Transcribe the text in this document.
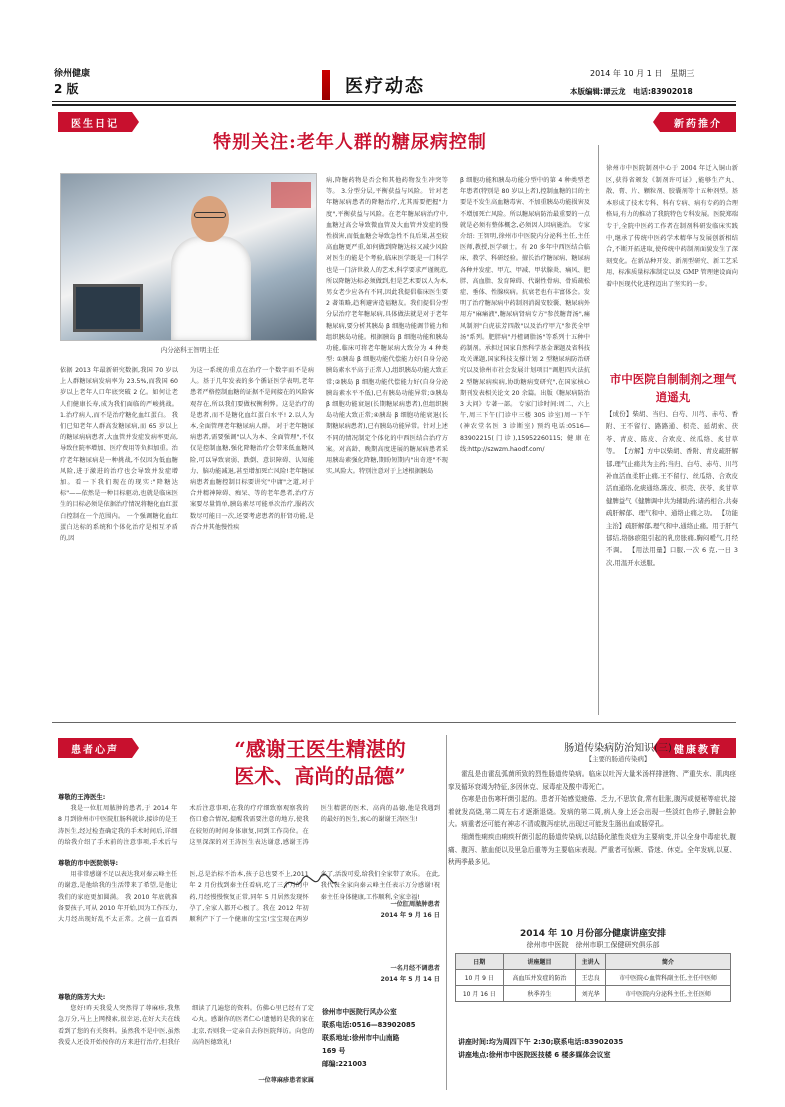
徐州健康
2 版	医疗动态
2014 年 10 月 1 日　星期三
本版编辑:谭云龙　电话:83902018
医生日记	新药推介
特别关注:老年人群的糖尿病控制
内分泌科王智明主任
依据 2013 年最新研究数据,我国 70 岁以上人群糖尿病发病率为 23.5%,而我国 60 岁以上老年人口年底突破 2 亿。如何让老人们健康长寿,成为我们面临的严峻挑战。 1.治疗病人,而不是治疗糖化血红蛋白。 我们已知老年人群高发糖尿病,而 65 岁以上的糖尿病病患者,大血管并发症发病率更高,导致住院率增加、医疗费用等负担加重。治疗老年糖尿病是一种挑战,不仅因为低血糖风险,进于激进的治疗也会导致并发症增加。看一下我们现在的现实:"降糖达标"——依然是一种目标驱动,也就是临床医生的目标必须是依据治疗情况将糖化血红蛋白控制在一个范围内。 一个强调糖化血红蛋白达标的系统和个体化治疗是相互矛盾的,因
为这一系统的重点在治疗一个数字而不是病人。基于几年发表的多个循证医学表明,老年患者严格控制血糖的证据不是间接在的风险客观存在,所以我们要做权衡利弊。这是治疗的是患者,而不是糖化血红蛋白水平! 2.以人为本,全面管理老年糖尿病人群。 对于老年糖尿病患者,需要强调"以人为本、全面管理",不仅仅是控制血糖,强化降糖治疗会带来低血糖风险,可以导致衰弱、跌倒、意识障碍、认知能力、脑功能减退,甚至增加死亡风险!老年糖尿病患者血糖控制目标要讲究"中庸"之道,对于合并精神障碍、痴呆、等的老年患者,治疗方案要尽量简单,胰岛素尽可能单次治疗,服药次数尽可能日一次,还要考虑患者的肝肾功能,是否合并其他慢性疾
病,降糖药物是否会和其他药物发生冲突等等。 3.分型分层,平衡获益与风险。 针对老年糖尿病患者的降糖治疗,尤其需要把握"力度",平衡获益与风险。在老年糖尿病治疗中,血糖过高会导致微血管及大血管并发症的慢性损害,而低血糖会导致急性不良后果,甚至较高血糖更严重,如何做到降糖达标又减少风险对医生的能是个考验,临床医学既是一门科学也是一门济世救人的艺术,科学要求严谨规范,所以降糖达标必须做到,但是艺术要以人为本,男女老少应各有不同,因此我提倡临床医生要 2 著策略,趋利避害造福糖友。我们提倡分型分层治疗老年糖尿病,具体做法就是对于老年糖尿病,要分析其胰岛 β 细胞功能调节能力和组织胰岛功能。根据胰岛 β 细胞功能和胰岛功能,临床可将老年糖尿病大致分为 4 种类型: ①胰岛 β 细胞功能代偿能力好(自身分泌胰岛素水平高于正常人),组织胰岛功能大致正常;②胰岛 β 细胞功能代偿能力好(自身分泌胰岛素水平不低),已有胰岛功能异常;③胰岛 β 细胞功能衰退(长期糖尿病患者),但组织胰岛功能大致正常;④胰岛 β 细胞功能衰退(长期糖尿病患者),已有胰岛功能异常。针对上述不同的情况制定个体化的中西医结合治疗方案。对高龄、晚期高度进展的糖尿病患者采用胰岛素强化降糖,期盼短期内"出奇迹"不现实,风险大。特别注意对于上述根据胰岛
β 细胞功能和胰岛功能分型中的第 4 种类型老年患者(特别是 80 岁以上者),控制血糖的目的主要是不发生高血糖毒害、不加重胰岛功能损害及不增加死亡风险。所以糖尿病防治最重要的一点就是必须有整体概念,必须因人因病施治。 专家介绍: 王智明,徐州市中医院内分泌科主任,主任医师,教授,医学硕士。有 20 多年中西医结合临床、教学、科研经验。擅长治疗糖尿病、糖尿病各种并发症、甲亢、甲减、甲状腺炎、痛风、肥胖、高血脂、发育障碍、代谢性骨病、骨质疏松症、垂体、性腺疾病。抗衰老也有丰富体会。发明了治疗糖尿病中药制剂消渴安胶囊、糖尿病外用方"麻痛液",糖尿病肾病专方"参芪糖肾汤",痛风制剂"白虎祛芳四散"以及治疗甲亢"参芪全甲汤"系列。肥胖病"丹楂调脂汤"等系列十五种中药制剂。承担过国家自然科学基金课题及省科技攻关课题,国家科技支撑计划 2 型糖尿病防治研究以及徐州市社会发展计划项目"调胆四火法抗 2 型糖尿病疾病,协助糖病变研究",在国家核心期刊发表相关论文 20 余篇。出版《糖尿病防治 3 大问》专著一部。 专家门诊时间:周二、六上午,周三下午(门诊中三楼 305 诊室)周一下午(神农堂名医 3 诊断室) 预约电话:0516—83902215(门诊),15952260115; 健康在线:http://szwzm.haodf.com/
徐州市中医院制剂中心于 2004 年迁入铜山新区,获得省颁发《制剂许可证》,能够生产丸、散、膏、片、颗粒剂、胶囊剂等十五种剂型。基本形成了技术专科、科有专病、病有专药的合理格局,有力的推动了我院特色专科发展。医院郑瑞专于,全院中医药工作者在制剂科研发临床实践中,继承了传统中医药学术精华与发展创新相结合,不断开拓进取,使传统中药制剂面貌发生了深刻变化。在新品种开发、新剂型研究、新工艺采用、标准质量标准制定以及 GMP 管理建设面向着中医现代化进程迈出了坚实的一步。
市中医院自制制剂之理气逍遥丸
【成份】柴胡、当归、白芍、川芎、赤芍、香附、王不留行、路路通、枳壳、延胡索、茯苓、青皮、陈皮、合欢皮、丝瓜络、炙甘草等。 【方解】方中以柴胡、香附、青皮疏肝解郁,理气止痛共为主药;当归、白芍、赤芍、川芎补血活血柔肝止痛,王不留行、丝瓜络、合欢皮活血通络,化痰通络,陈皮、枳壳、茯苓、炙甘草健脾益气《健脾调中共为辅助药;诸药相合,共奏疏肝解郁、理气和中、通络止痛之功。 【功能主治】疏肝解郁,理气和中,通络止痛。用于肝气郁结,络脉瘀阻引起的乳房胀痛,胸闷嗳气,月经不调。 【用法用量】口服,一次 6 克,一日 3 次,用温开水送服。
患者心声	健康教育
“感谢王医生精湛的
医术、高尚的品德”
尊敬的王涛医生:
我是一位肛周脓肿的患者,于 2014 年 8 月到徐州市中医院肛肠科就诊,接诊的是王涛医生,经过检查确定我的手术时间后,详细的给我介绍了手术前的注意事项,手术后与术后注意事项,在我的疗疗细致察观察我的伤口愈合情况,提醒我需要注意的地方,使我在较短的时间身体康复,同到工作岗位。在这里深深的对王涛医生表达谢意,感谢王涛医生精湛的医术、高尚的品德,他是我遇到的最好的医生,衷心的谢谢王涛医生!
一位肛周脓肿患者
2014 年 9 月 16 日
尊敬的市中医院领导:
用非常感谢不足以表达我对秦云峰主任的谢意,是他给我的生活带来了希望,是他让我们的家庭更加圆满。 我 2010 年底就准备要孩子,可从 2010 年开始,因为工作压力,大月经出现好乱不太正常。之前一直看西医,总是治标不治本,孩子总也要不上,2011 年 2 月份找到秦主任看病,吃了三个月的中药,月经慢慢恢复正常,同年 5 月居然发现怀孕了,全家人都开心极了。我在 2012 年初顺利产下了一个健康的宝宝!宝宝现在两岁多了,活泼可爱,给我们全家带了欢乐。 在此,我代表全家向秦云峰主任表示万分感谢!祝秦主任身体健康,工作顺利,全家幸福!
一名月经不调患者
2014 年 5 月 14 日
尊敬的陈芳大夫:
您好!昨天我爱人突然得了荨麻疹,我焦急万分,马上上网搜索,很幸运,在好大夫在线看到了您的有关资料。虽然我不是中医,虽然我爱人还没开始按你的方来进行治疗,但我仔细读了几遍您的资料。仿佛心里已经有了定心丸。感谢你的医者仁心!遗憾的是我的家在北京,否则我一定亲自去你医院拜访。向您的高尚医德致礼!
一位荨麻疹患者家属
徐州市中医院行风办公室
联系电话:0516—83902085
联系地址:徐州市中山南路
169 号
邮编:221003
肠道传染病防治知识(三)
【主要的肠道传染病】

霍乱是由霍乱弧菌所致的烈性肠道传染病。临床以吐泻大量米汤样排泄物、严重失水、肌肉痉挛及循环衰竭为特征,多因休克、尿毒症及酸中毒死亡。

伤寒是由伤寒杆菌引起的。患者开始感觉疲倦、乏力,不思饮食,常有肚胀,腹泻或便秘等症状,接着就发高烧,第二周左右才逐渐退烧。发病的第二周,病人身上还会出现一些淡红色疹子,脾脏会肿大。病重者还可能有神志不清或腹泻症状,出现过可能发生肠出血或肠穿孔。

细菌性痢疾由痢疾杆菌引起的肠道传染病,以结肠化脓性炎症为主要病变,并以全身中毒症状,腹痛、腹泻、脓血便以及里急后重等为主要临床表现。严重者可惊厥、昏迷、休克。全年发病,以夏、秋两季最多见。

2014 年 10 月份部分健康讲座安排
徐州市中医院　徐州市职工保健研究俱乐部
日期	讲座题目	主讲人	简介
10 月 9 日	高血压并发症的防治	王忠良	市中医院心血管科副主任,主任中医师
10 月 16 日	秋季养生	刘光华	市中医院内分泌科主任,主任医师
讲座时间:均为周四下午 2:30;联系电话:83902035
讲座地点:徐州市中医院医技楼 6 楼多媒体会议室
